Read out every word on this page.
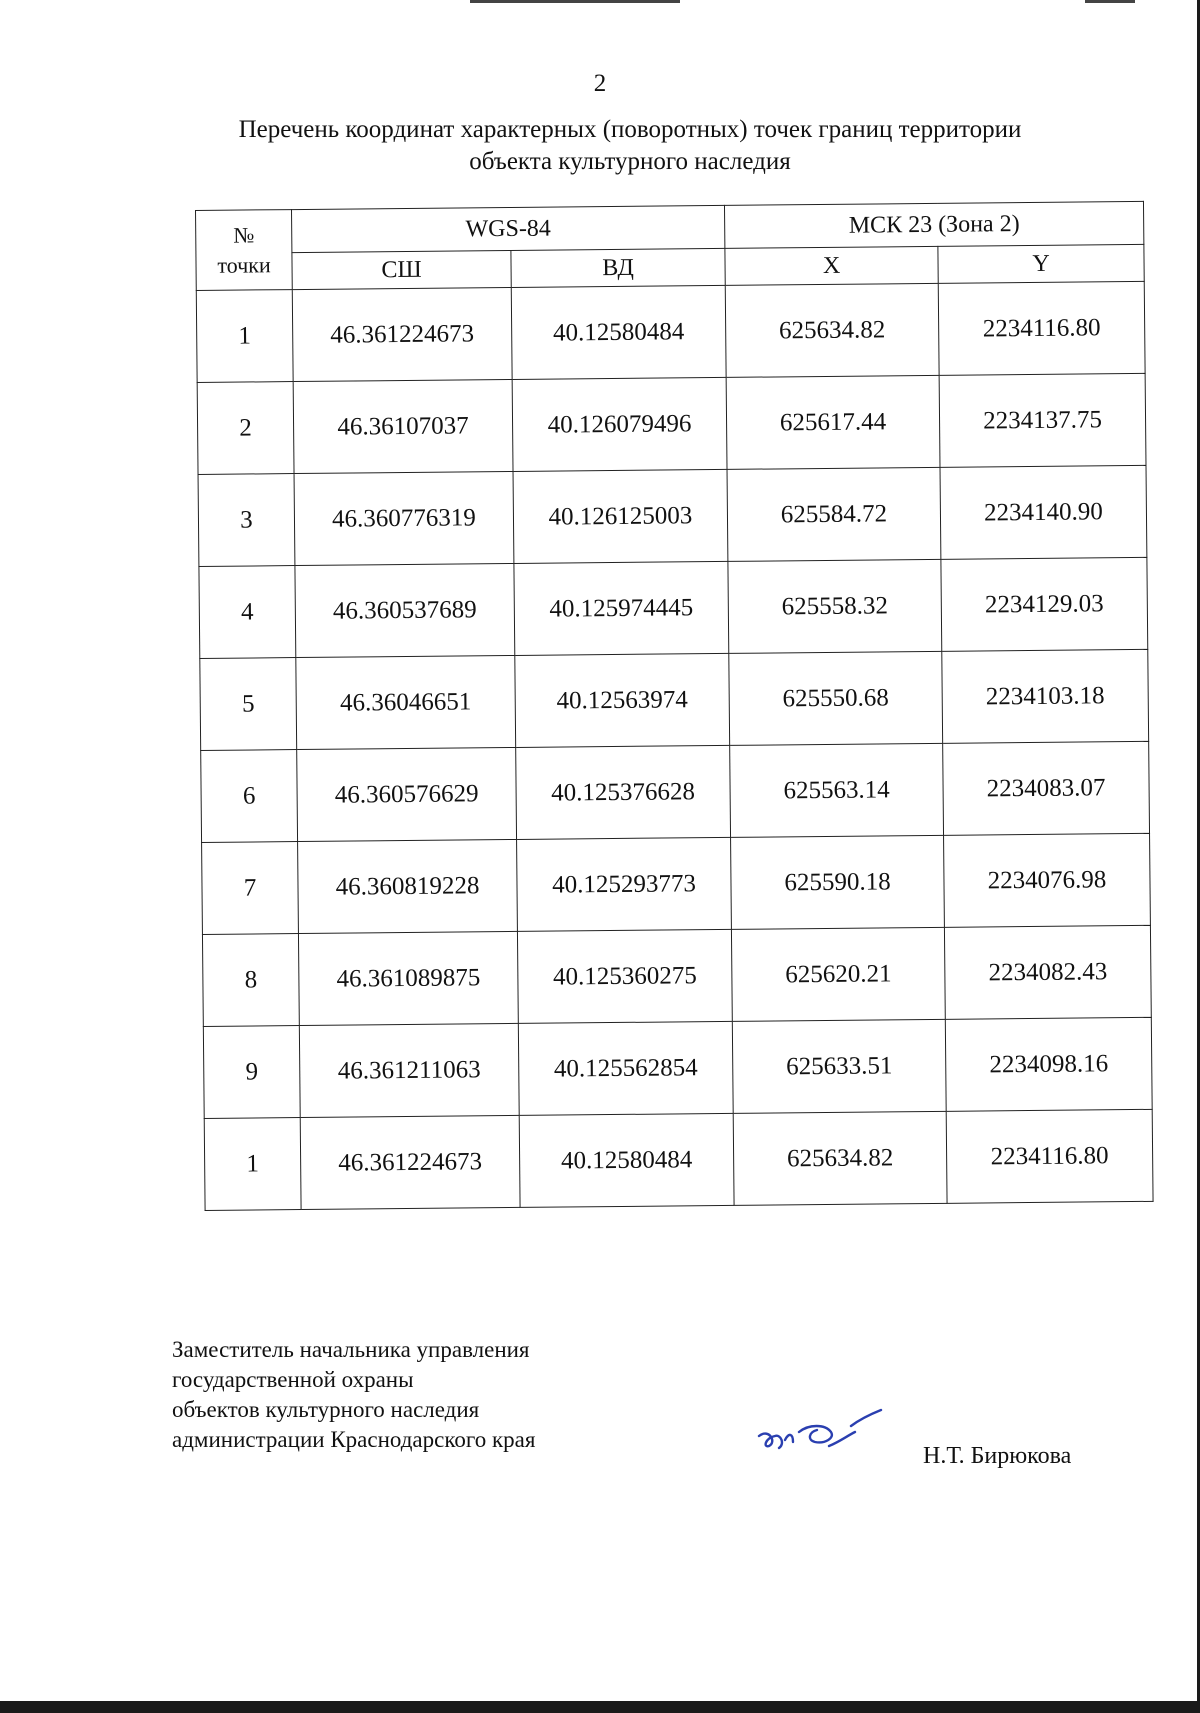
2
Перечень координат характерных (поворотных) точек границ территории
объекта культурного наследия
№
точки	WGS-84		МСК 23 (Зона 2)	
	СШ	ВД	X	Y
1	46.361224673	40.12580484	625634.82	2234116.80
2	46.36107037	40.126079496	625617.44	2234137.75
3	46.360776319	40.126125003	625584.72	2234140.90
4	46.360537689	40.125974445	625558.32	2234129.03
5	46.36046651	40.12563974	625550.68	2234103.18
6	46.360576629	40.125376628	625563.14	2234083.07
7	46.360819228	40.125293773	625590.18	2234076.98
8	46.361089875	40.125360275	625620.21	2234082.43
9	46.361211063	40.125562854	625633.51	2234098.16
1	46.361224673	40.12580484	625634.82	2234116.80
Заместитель начальника управления
государственной охраны
объектов культурного наследия
администрации Краснодарского края
Н.Т. Бирюкова
